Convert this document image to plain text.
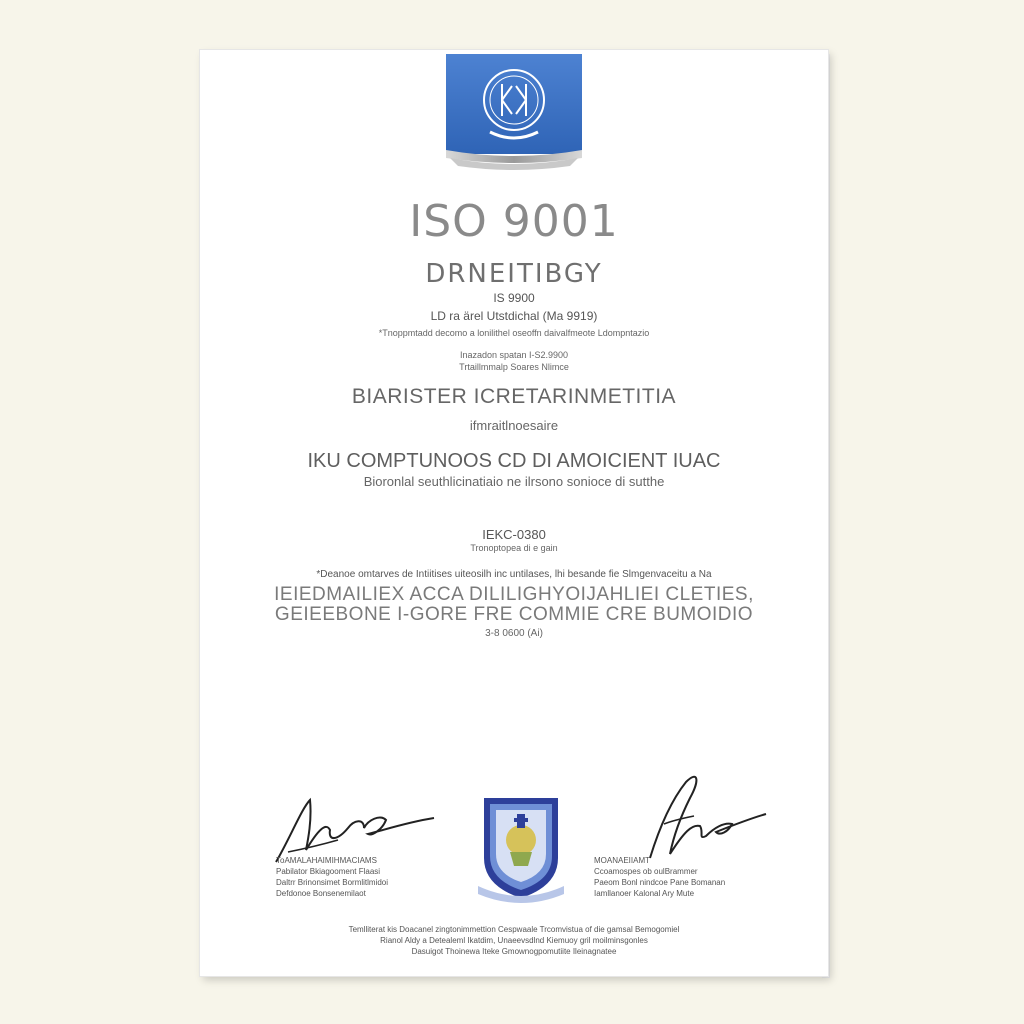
ISO 9001
DRNEITIBGY
IS 9900
LD ra ärel Utstdichal (Ma 9919)
*Tnoppmtadd decomo a lonilithel oseoffn daivalfmeote Ldompntazio
Inazadon spatan I-S2.9900
Trtaillmmalp Soares Nlimce
BIARISTER ICRETARINMETITIA
ifmraitlnoesaire
IKU COMPTUNOOS CD DI AMOICIENT IUAC
Bioronlal seuthlicinatiaio ne ilrsono sonioce di sutthe
IEKC-0380
Tronoptopea di e gain
*Deanoe omtarves de Intiitises uiteosilh inc untilases, lhi besande fie Slmgenvaceitu a Na
IEIEDMAILIEX ACCA DILILIGHYOIJAHLIEI CLETIES,
GEIEEBONE I-GORE FRE COMMIE CRE BUMOIDIO
3-8 0600 (Ai)
ToAMALAHAIMIHMACIAMS
Pabilator Bkiagooment Flaasi
Daltrr Brinonsimet Bormlitlmidoi
Defdonoe Bonsenemilaot
MOANAEIIAMT
Ccoamospes ob oulBrammer
Paeom Bonl nindcoe Pane Bomanan
Iamllanoer Kalonal Ary Mute
Temlliterat kis Doacanel zingtonimmettion Cespwaale Trcomvistua of die gamsal Bemogomiel
Rianol Aldy a Detealeml Ikatdim, Unaeevsdlnd Kiemuoy gril moilminsgonles
Dasuigot Thoinewa Iteke Gmownogpomutiite Ileinagnatee
